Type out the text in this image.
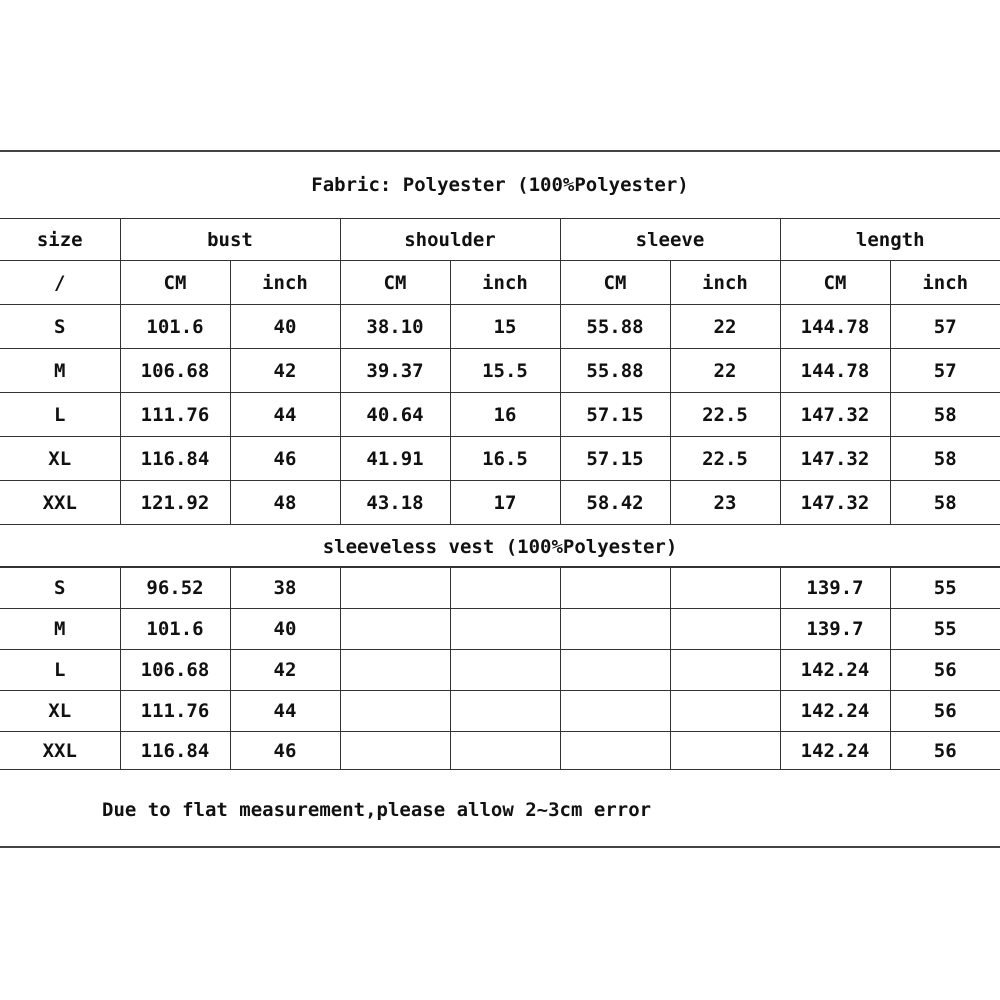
Fabric: Polyester (100%Polyester)
size	bust		shoulder		sleeve		length	
/	CM	inch	CM	inch	CM	inch	CM	inch
S	101.6	40	38.10	15	55.88	22	144.78	57
M	106.68	42	39.37	15.5	55.88	22	144.78	57
L	111.76	44	40.64	16	57.15	22.5	147.32	58
XL	116.84	46	41.91	16.5	57.15	22.5	147.32	58
XXL	121.92	48	43.18	17	58.42	23	147.32	58
sleeveless vest (100%Polyester)
S	96.52	38					139.7	55
M	101.6	40					139.7	55
L	106.68	42					142.24	56
XL	111.76	44					142.24	56
XXL	116.84	46					142.24	56
Due to flat measurement,please allow 2~3cm error
